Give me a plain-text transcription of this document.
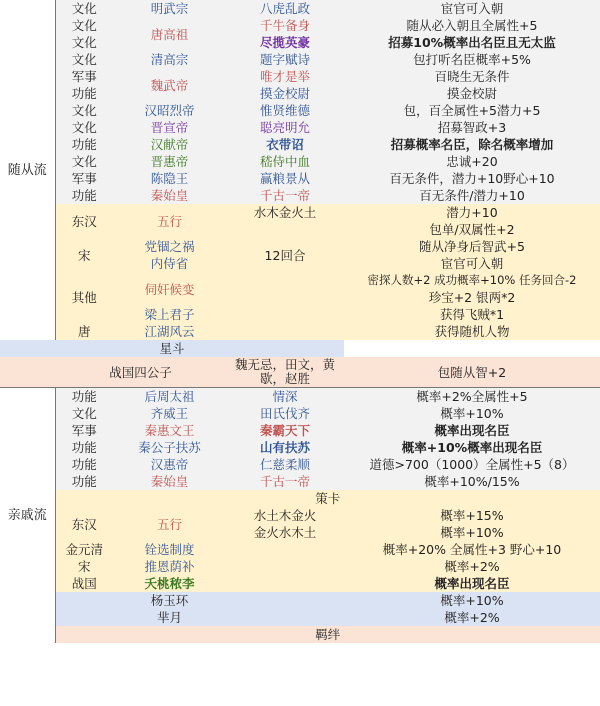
随从流	文化	明武宗	八虎乱政	宦官可入朝
	文化	唐高祖	千牛备身	随从必入朝且全属性+5
	文化		尽揽英豪	招募10%概率出名臣且无太监
	文化	清高宗	题字赋诗	包打听名臣概率+5%
	军事	魏武帝	唯才是举	百晓生无条件
	功能		摸金校尉	摸金校尉
	文化	汉昭烈帝	惟贤维德	包，百全属性+5潜力+5
	文化	晋宣帝	聪亮明允	招募智政+3
	功能	汉献帝	衣带诏	招募概率名臣，除名概率增加
	文化	晋惠帝	嵇侍中血	忠诚+20
	军事	陈隐王	赢粮景从	百无条件，潜力+10野心+10
	功能	秦始皇	千古一帝	百无条件/潜力+10
	东汉	五行	水木金火土	潜力+10
				包单/双属性+2
	宋	党锢之祸	12回合	随从净身后智武+5
		内侍省		宦官可入朝
	其他	伺奸候变		密探人数+2 成功概率+10% 任务回合-2
				珍宝+2 银两*2
		梁上君子		获得飞贼*1
	唐	江湖风云		获得随机人物
星斗				
	战国四公子		魏无忌，田文，黄歇，赵胜	包随从智+2
亲戚流	功能	后周太祖	情深	概率+2%全属性+5
	文化	齐威王	田氏伐齐	概率+10%
	军事	秦惠文王	秦霸天下	概率出现名臣
	功能	秦公子扶苏	山有扶苏	概率+10%概率出现名臣
	功能	汉惠帝	仁慈柔顺	道德>700（1000）全属性+5（8）
	功能	秦始皇	千古一帝	概率+10%/15%
	策卡			
	东汉	五行	水土木金火	概率+15%
			金火水木土	概率+10%
	金元清	铨选制度		概率+20% 全属性+3 野心+10
	宋	推恩荫补		概率+2%
	战国	夭桃秾李		概率出现名臣
		杨玉环		概率+10%
		芈月		概率+2%
	羁绊			
